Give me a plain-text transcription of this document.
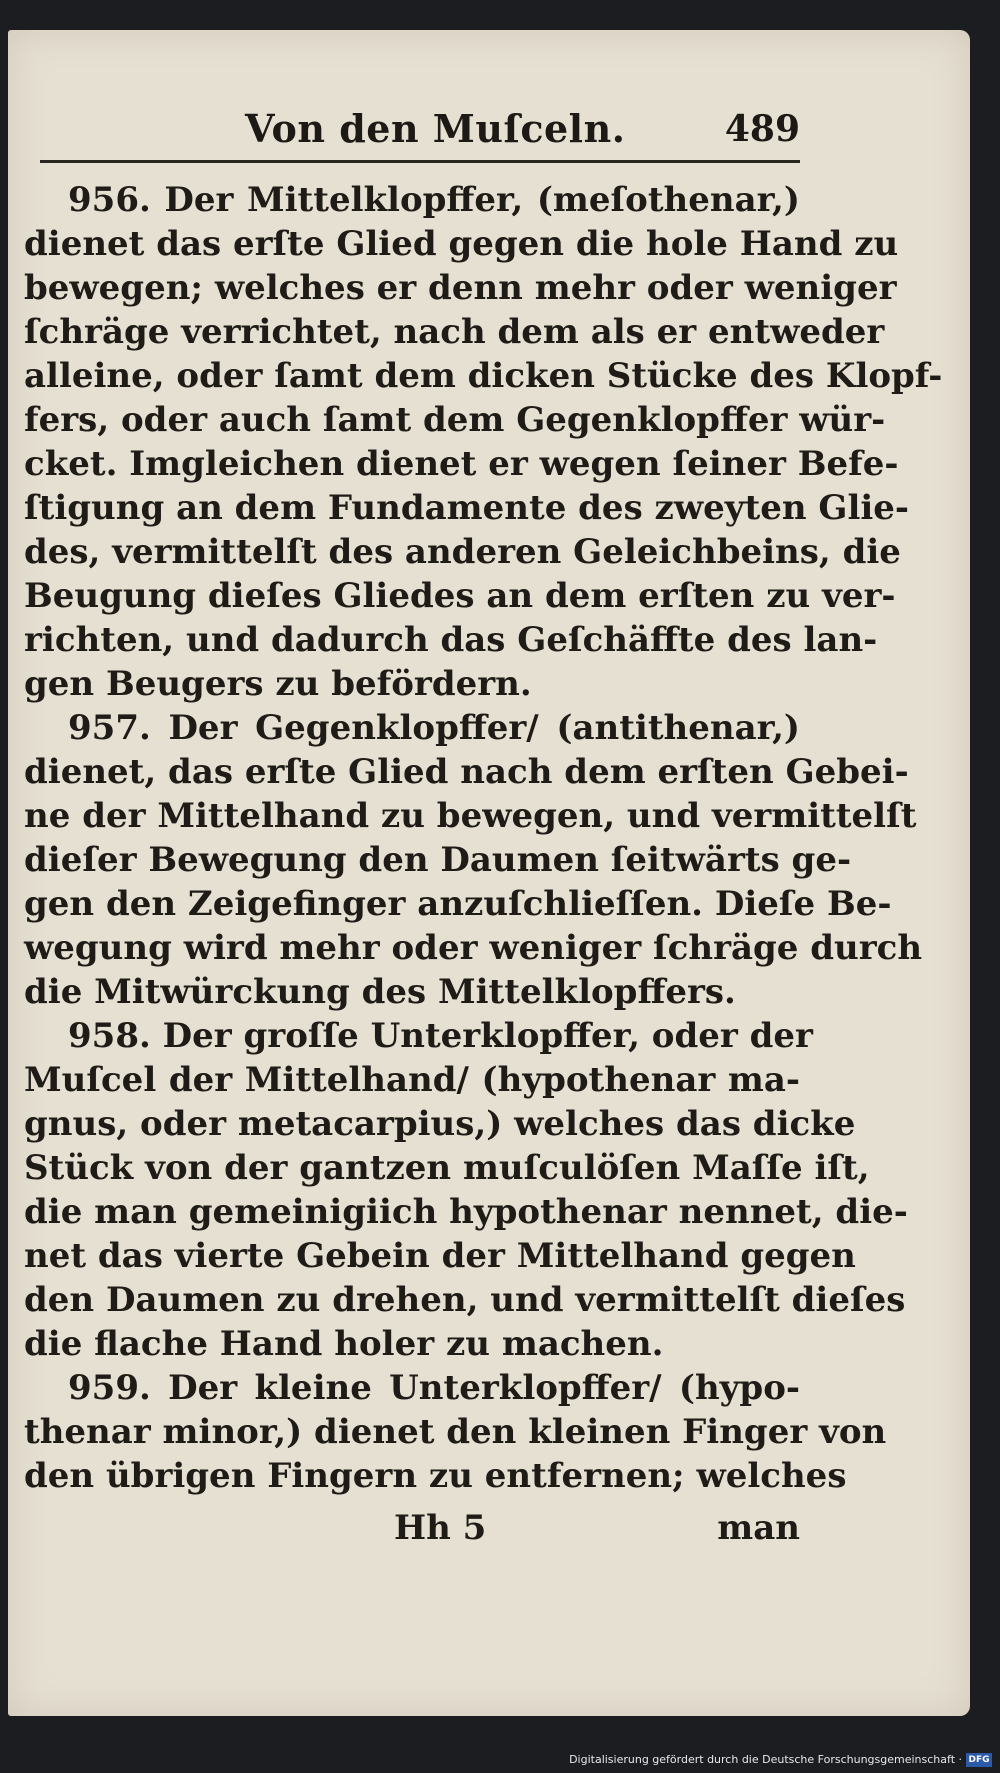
Von den Muſceln.	489
956. Der Mittelklopffer, (meſothenar,)
dienet das erſte Glied gegen die hole Hand zu
bewegen; welches er denn mehr oder weniger
ſchräge verrichtet, nach dem als er entweder
alleine, oder ſamt dem dicken Stücke des Klopf-
fers, oder auch ſamt dem Gegenklopffer wür-
cket. Imgleichen dienet er wegen ſeiner Befe-
ſtigung an dem Fundamente des zweyten Glie-
des, vermittelſt des anderen Geleichbeins, die
Beugung dieſes Gliedes an dem erſten zu ver-
richten, und dadurch das Geſchäffte des lan-
gen Beugers zu befördern.
957. Der Gegenklopffer/ (antithenar,)
dienet, das erſte Glied nach dem erſten Gebei-
ne der Mittelhand zu bewegen, und vermittelſt
dieſer Bewegung den Daumen ſeitwärts ge-
gen den Zeigefinger anzuſchlieſſen. Dieſe Be-
wegung wird mehr oder weniger ſchräge durch
die Mitwürckung des Mittelklopffers.
958. Der groſſe Unterklopffer, oder der
Muſcel der Mittelhand/ (hypothenar ma-
gnus, oder metacarpius,) welches das dicke
Stück von der gantzen muſculöſen Maſſe iſt,
die man gemeinigiich hypothenar nennet, die-
net das vierte Gebein der Mittelhand gegen
den Daumen zu drehen, und vermittelſt dieſes
die flache Hand holer zu machen.
959. Der kleine Unterklopffer/ (hypo-
thenar minor,) dienet den kleinen Finger von
den übrigen Fingern zu entfernen; welches
Hh 5	man
Digitalisierung gefördert durch die Deutsche Forschungsgemeinschaft · DFG
